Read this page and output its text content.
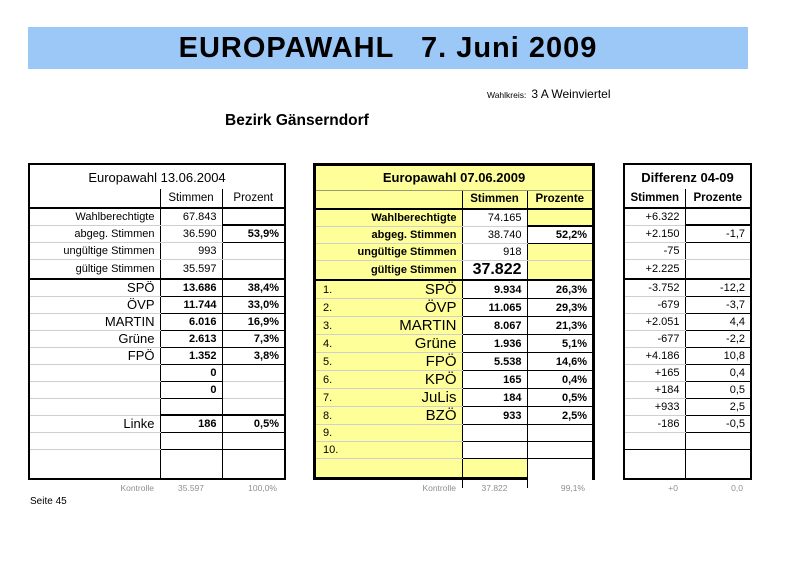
EUROPAWAHL   7. Juni 2009
Wahlkreis: 3 A Weinviertel
Bezirk Gänserndorf
Europawahl 13.06.2004		
	Stimmen	Prozent
Wahlberechtigte	67.843	
abgeg. Stimmen	36.590	53,9%
ungültige Stimmen	993	
gültige Stimmen	35.597	
SPÖ	13.686	38,4%
ÖVP	11.744	33,0%
MARTIN	6.016	16,9%
Grüne	2.613	7,3%
FPÖ	1.352	3,8%
	0	
	0	

Linke	186	0,5%

Kontrolle	35.597	100,0%
Europawahl 07.06.2009			
		Stimmen	Prozente
Wahlberechtigte		74.165	
abgeg. Stimmen		38.740	52,2%
ungültige Stimmen		918	
gültige Stimmen		37.822	
1.	SPÖ	9.934	26,3%
2.	ÖVP	11.065	29,3%
3.	MARTIN	8.067	21,3%
4.	Grüne	1.936	5,1%
5.	FPÖ	5.538	14,6%
6.	KPÖ	165	0,4%
7.	JuLis	184	0,5%
8.	BZÖ	933	2,5%
9.			
10.			

Kontrolle	37.822	99,1%
Differenz 04-09	
Stimmen	Prozente
+6.322	
+2.150	-1,7
-75	
+2.225	
-3.752	-12,2
-679	-3,7
+2.051	4,4
-677	-2,2
+4.186	10,8
+165	0,4
+184	0,5
+933	2,5
-186	-0,5

+0	0,0
Seite 45
